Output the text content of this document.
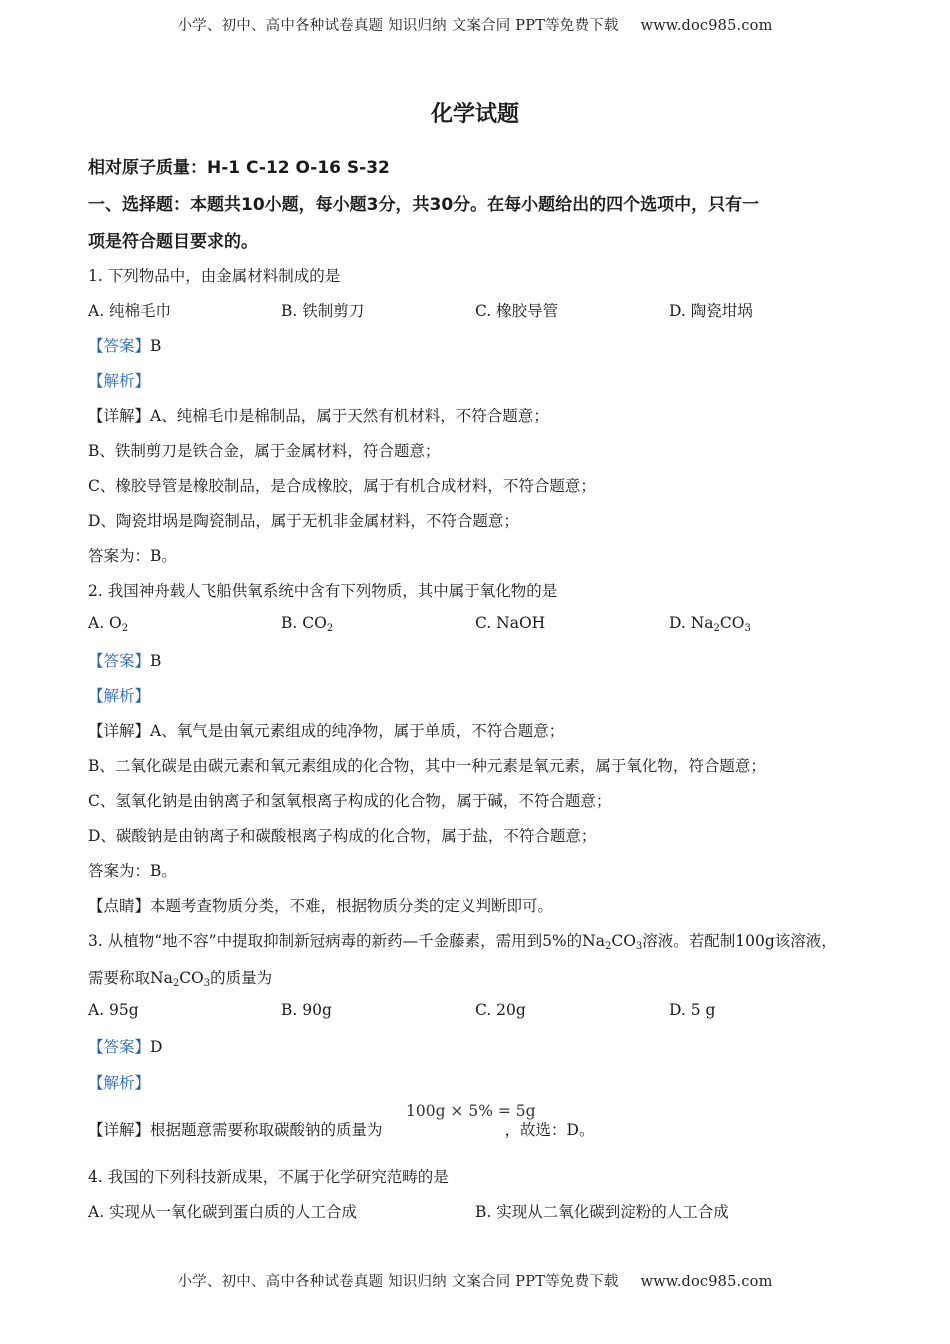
小学、初中、高中各种试卷真题 知识归纳 文案合同 PPT等免费下载 www.doc985.com
化学试题
相对原子质量：H-1 C-12 O-16 S-32
一、选择题：本题共10小题，每小题3分，共30分。在每小题给出的四个选项中，只有一
项是符合题目要求的。
1. 下列物品中，由金属材料制成的是
A. 纯棉毛巾	B. 铁制剪刀	C. 橡胶导管	D. 陶瓷坩埚
【答案】B
【解析】
【详解】A、纯棉毛巾是棉制品，属于天然有机材料，不符合题意；
B、铁制剪刀是铁合金，属于金属材料，符合题意；
C、橡胶导管是橡胶制品，是合成橡胶，属于有机合成材料，不符合题意；
D、陶瓷坩埚是陶瓷制品，属于无机非金属材料，不符合题意；
答案为：B。
2. 我国神舟载人飞船供氧系统中含有下列物质，其中属于氧化物的是
A. $O_2$	B. $CO_2$	C. NaOH	D. $Na_2CO_3$
【答案】B
【解析】
【详解】A、氧气是由氧元素组成的纯净物，属于单质，不符合题意；
B、二氧化碳是由碳元素和氧元素组成的化合物，其中一种元素是氧元素，属于氧化物，符合题意；
C、氢氧化钠是由钠离子和氢氧根离子构成的化合物，属于碱，不符合题意；
D、碳酸钠是由钠离子和碳酸根离子构成的化合物，属于盐，不符合题意；
答案为：B。
【点睛】本题考查物质分类，不难，根据物质分类的定义判断即可。
3. 从植物“地不容”中提取抑制新冠病毒的新药—千金藤素，需用到5%的$Na_2CO_3$溶液。若配制100g该溶液，
需要称取$Na_2CO_3$的质量为
A. 95g	B. 90g	C. 20g	D. 5 g
【答案】D
【解析】
100g × 5% = 5g
【详解】根据题意需要称取碳酸钠的质量为	，故选：D。
4. 我国的下列科技新成果，不属于化学研究范畴的是
A. 实现从一氧化碳到蛋白质的人工合成	B. 实现从二氧化碳到淀粉的人工合成
小学、初中、高中各种试卷真题 知识归纳 文案合同 PPT等免费下载 www.doc985.com
